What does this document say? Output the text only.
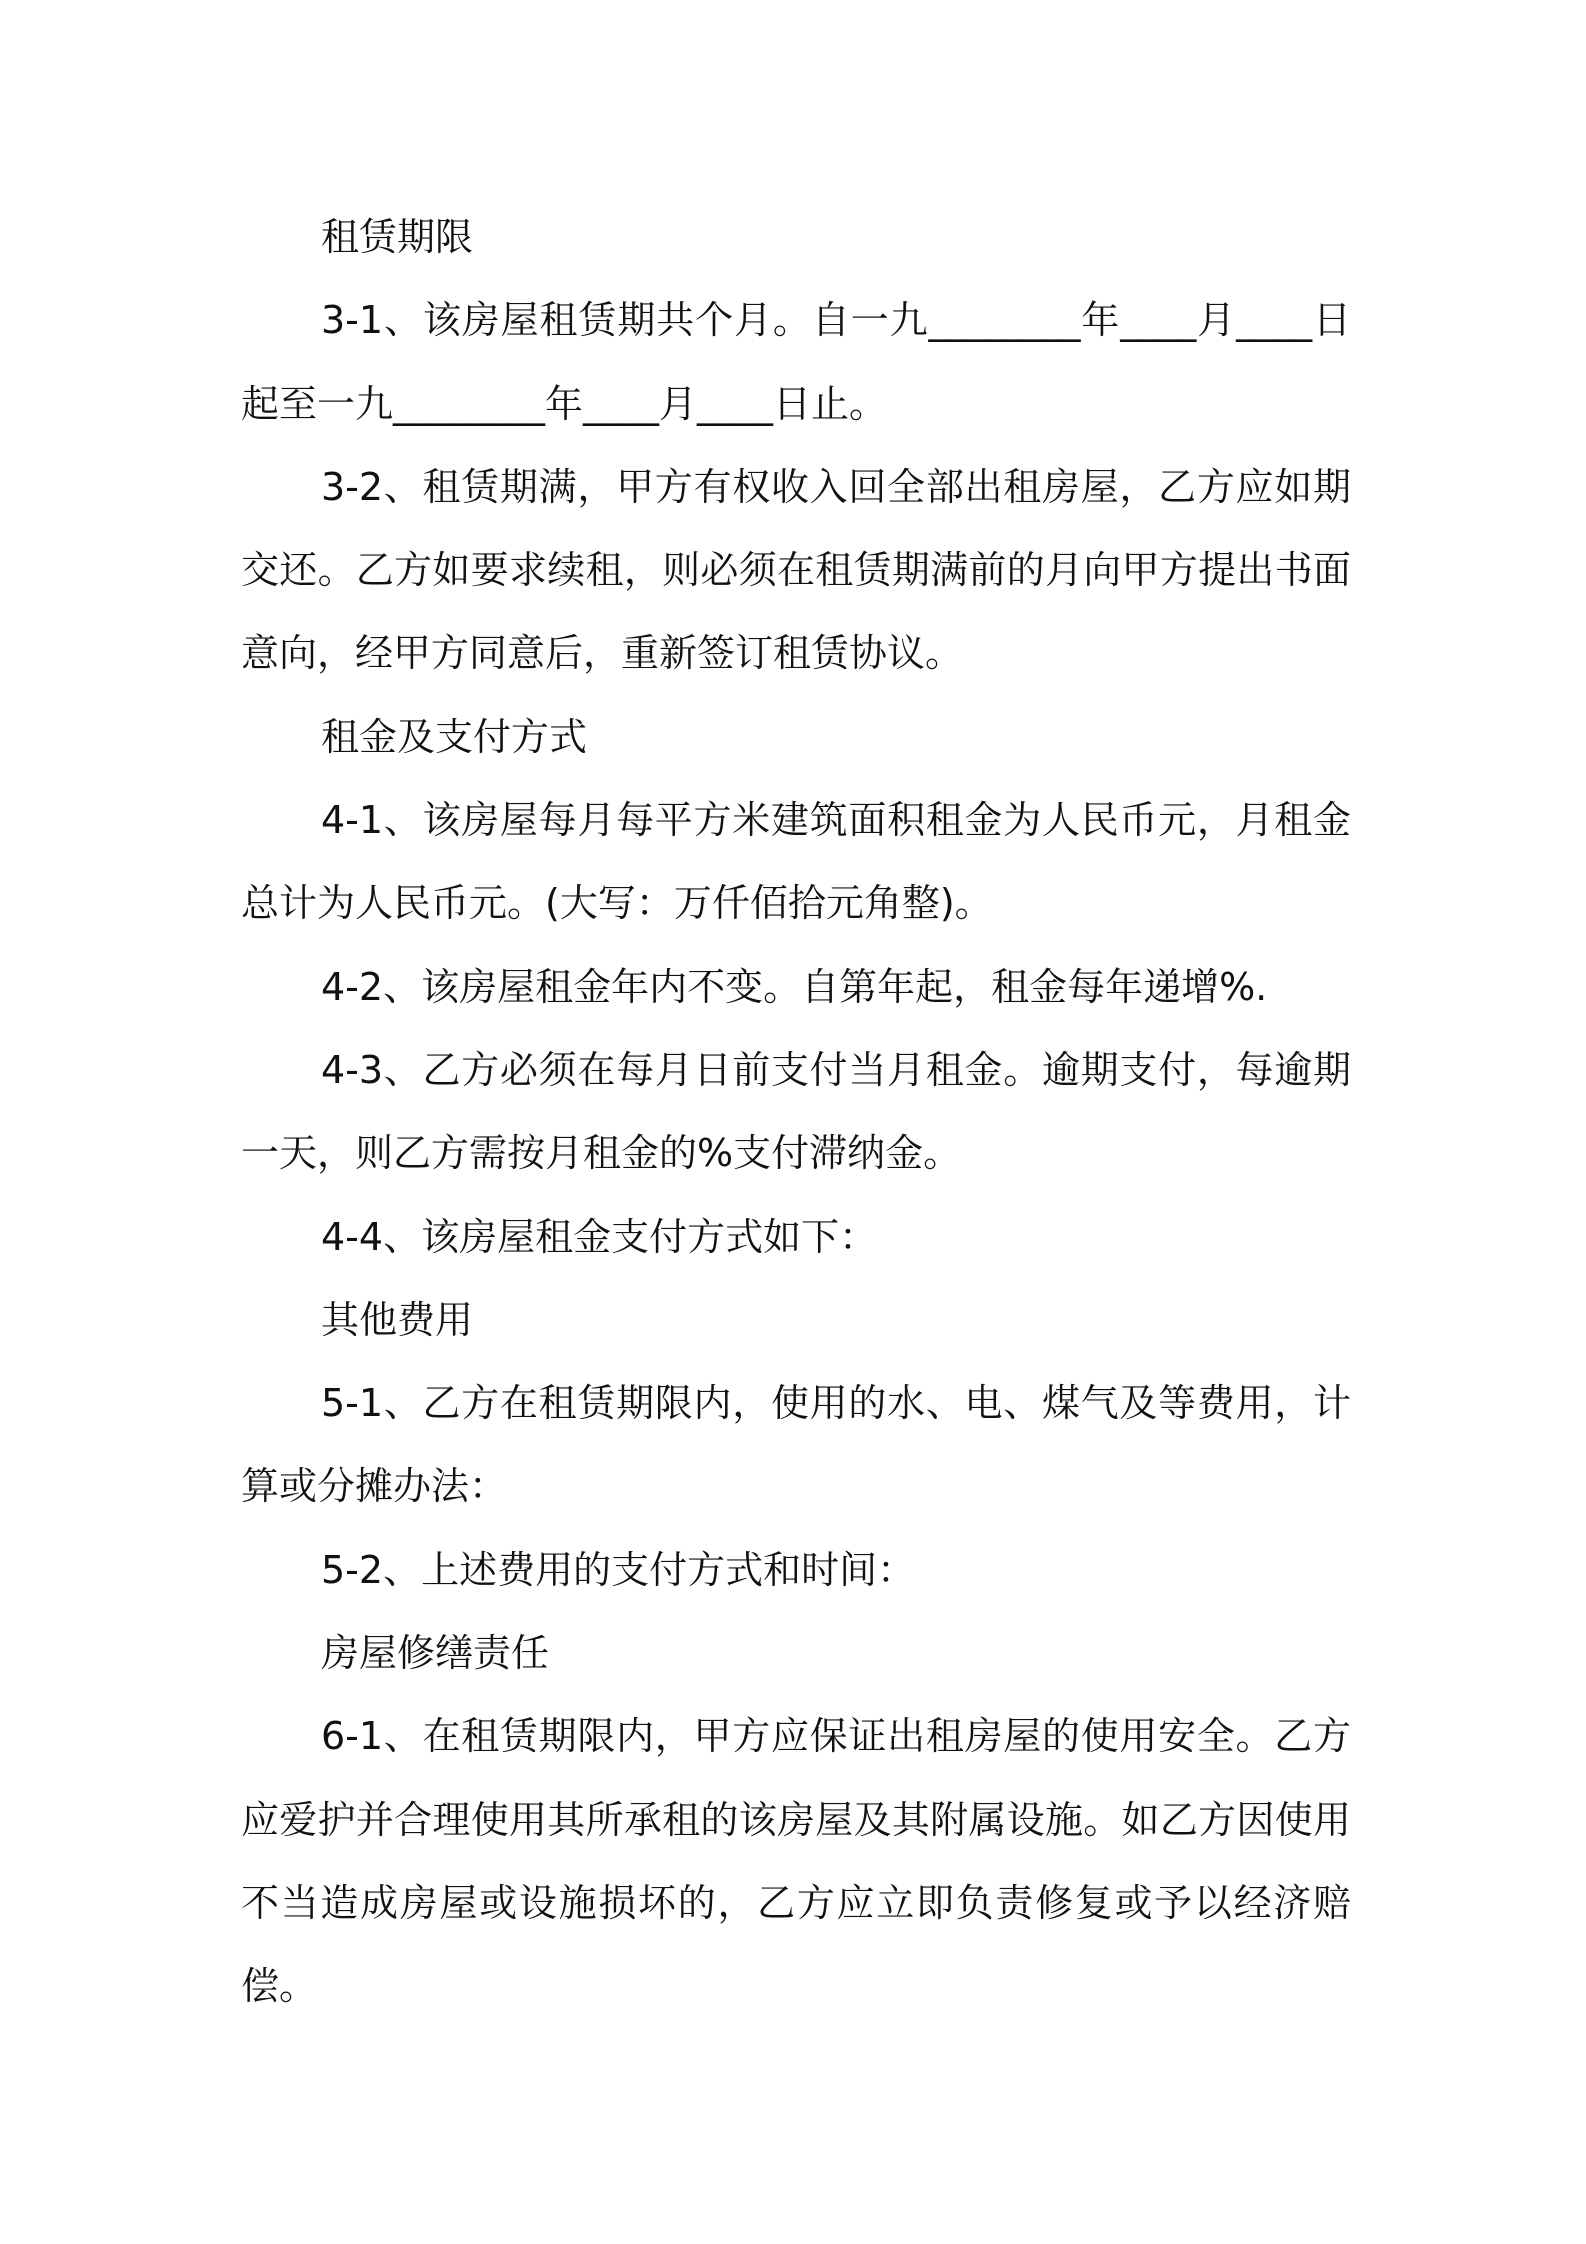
租赁期限

3-1、该房屋租赁期共个月。自一九________年____月____日起至一九________年____月____日止。

3-2、租赁期满，甲方有权收入回全部出租房屋，乙方应如期交还。乙方如要求续租，则必须在租赁期满前的月向甲方提出书面意向，经甲方同意后，重新签订租赁协议。

租金及支付方式

4-1、该房屋每月每平方米建筑面积租金为人民币元，月租金总计为人民币元。(大写：万仟佰拾元角整)。

4-2、该房屋租金年内不变。自第年起，租金每年递增%.

4-3、乙方必须在每月日前支付当月租金。逾期支付，每逾期一天，则乙方需按月租金的%支付滞纳金。

4-4、该房屋租金支付方式如下：

其他费用

5-1、乙方在租赁期限内，使用的水、电、煤气及等费用，计算或分摊办法：

5-2、上述费用的支付方式和时间：

房屋修缮责任

6-1、在租赁期限内，甲方应保证出租房屋的使用安全。乙方应爱护并合理使用其所承租的该房屋及其附属设施。如乙方因使用不当造成房屋或设施损坏的，乙方应立即负责修复或予以经济赔偿。
